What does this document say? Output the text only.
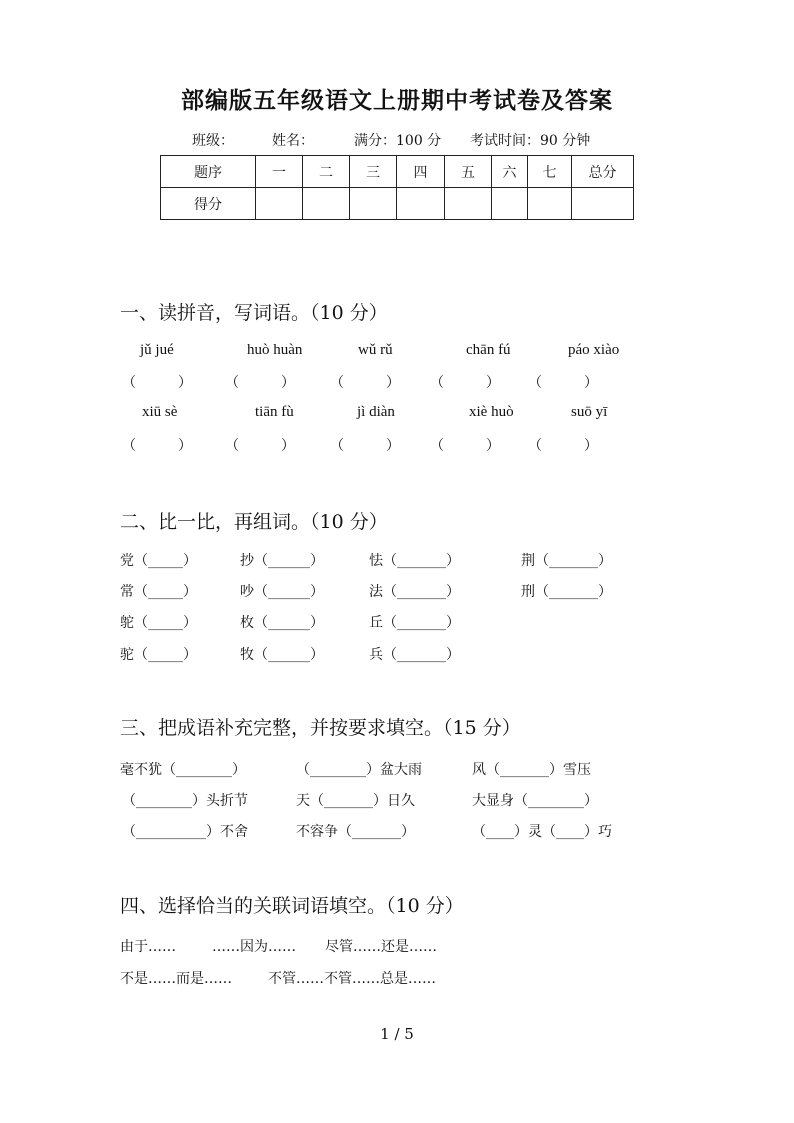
部编版五年级语文上册期中考试卷及答案
班级：	姓名：	满分：100 分 考试时间：90 分钟
题序	一	二	三	四	五	六	七	总分
得分								
一、读拼音，写词语。（10 分）
jǔ jué	huò huàn	wǔ rǔ	chān fú	páo xiào
（　　　） （　　　）	（　　　） （　　　） （　　　）
xiū sè	tiān fù	jì diàn	xiè huò	suō yī
（　　　） （　　　）	（　　　） （　　　） （　　　）
二、比一比，再组词。（10 分）
党（_____）	抄（______）	怯（_______）	荆（_______）
常（_____）	吵（______）	法（_______）	刑（_______）
鸵（_____）	枚（______）	丘（_______）
驼（_____）	牧（______）	兵（_______）
三、把成语补充完整，并按要求填空。（15 分）
毫不犹（________）	（________）盆大雨	风（_______）雪压
（________）头折节	天（_______）日久	大显身（________）
（__________）不舍	不容争（_______）	（____）灵（____）巧
四、选择恰当的关联词语填空。（10 分）
由于……	……因为…… 尽管……还是……
不是……而是……	不管……不管……总是……
1 / 5
